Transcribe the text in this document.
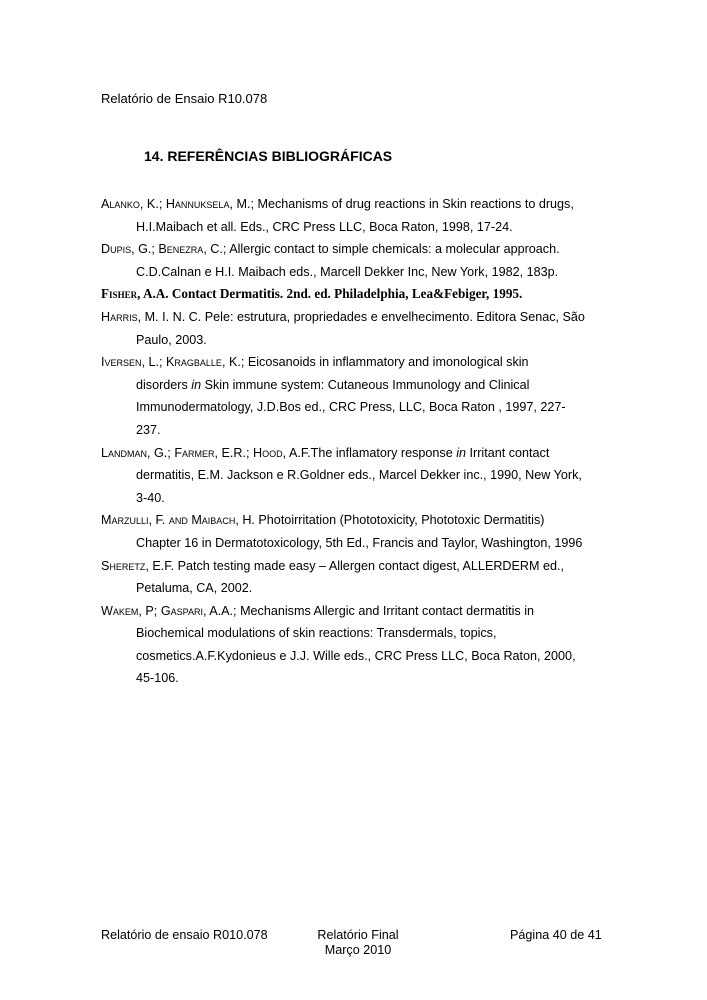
Relatório de Ensaio R10.078
14. REFERÊNCIAS BIBLIOGRÁFICAS
Alanko, K.; Hannuksela, M.; Mechanisms of drug reactions in Skin reactions to drugs,
H.I.Maibach et all. Eds., CRC Press LLC, Boca Raton, 1998, 17-24.
Dupis, G.; Benezra, C.; Allergic contact to simple chemicals: a molecular approach.
C.D.Calnan e H.I. Maibach eds., Marcell Dekker Inc, New York, 1982, 183p.
Fisher, A.A. Contact Dermatitis. 2nd. ed. Philadelphia, Lea&Febiger, 1995.
Harris, M. I. N. C. Pele: estrutura, propriedades e envelhecimento. Editora Senac, São
Paulo, 2003.
Iversen, L.; Kragballe, K.; Eicosanoids in inflammatory and imonological skin
disorders in Skin immune system: Cutaneous Immunology and Clinical
Immunodermatology, J.D.Bos ed., CRC Press, LLC, Boca Raton , 1997, 227-
237.
Landman, G.; Farmer, E.R.; Hood, A.F.The inflamatory response in Irritant contact
dermatitis, E.M. Jackson e R.Goldner eds., Marcel Dekker inc., 1990, New York,
3-40.
Marzulli, F. and Maibach, H. Photoirritation (Phototoxicity, Phototoxic Dermatitis)
Chapter 16 in Dermatotoxicology, 5th Ed., Francis and Taylor, Washington, 1996
Sheretz, E.F. Patch testing made easy – Allergen contact digest, ALLERDERM ed.,
Petaluma, CA, 2002.
Wakem, P; Gaspari, A.A.; Mechanisms Allergic and Irritant contact dermatitis in
Biochemical modulations of skin reactions: Transdermals, topics,
cosmetics.A.F.Kydonieus e J.J. Wille eds., CRC Press LLC, Boca Raton, 2000,
45-106.
Relatório de ensaio R010.078	Relatório Final
Março 2010
Página 40 de 41
